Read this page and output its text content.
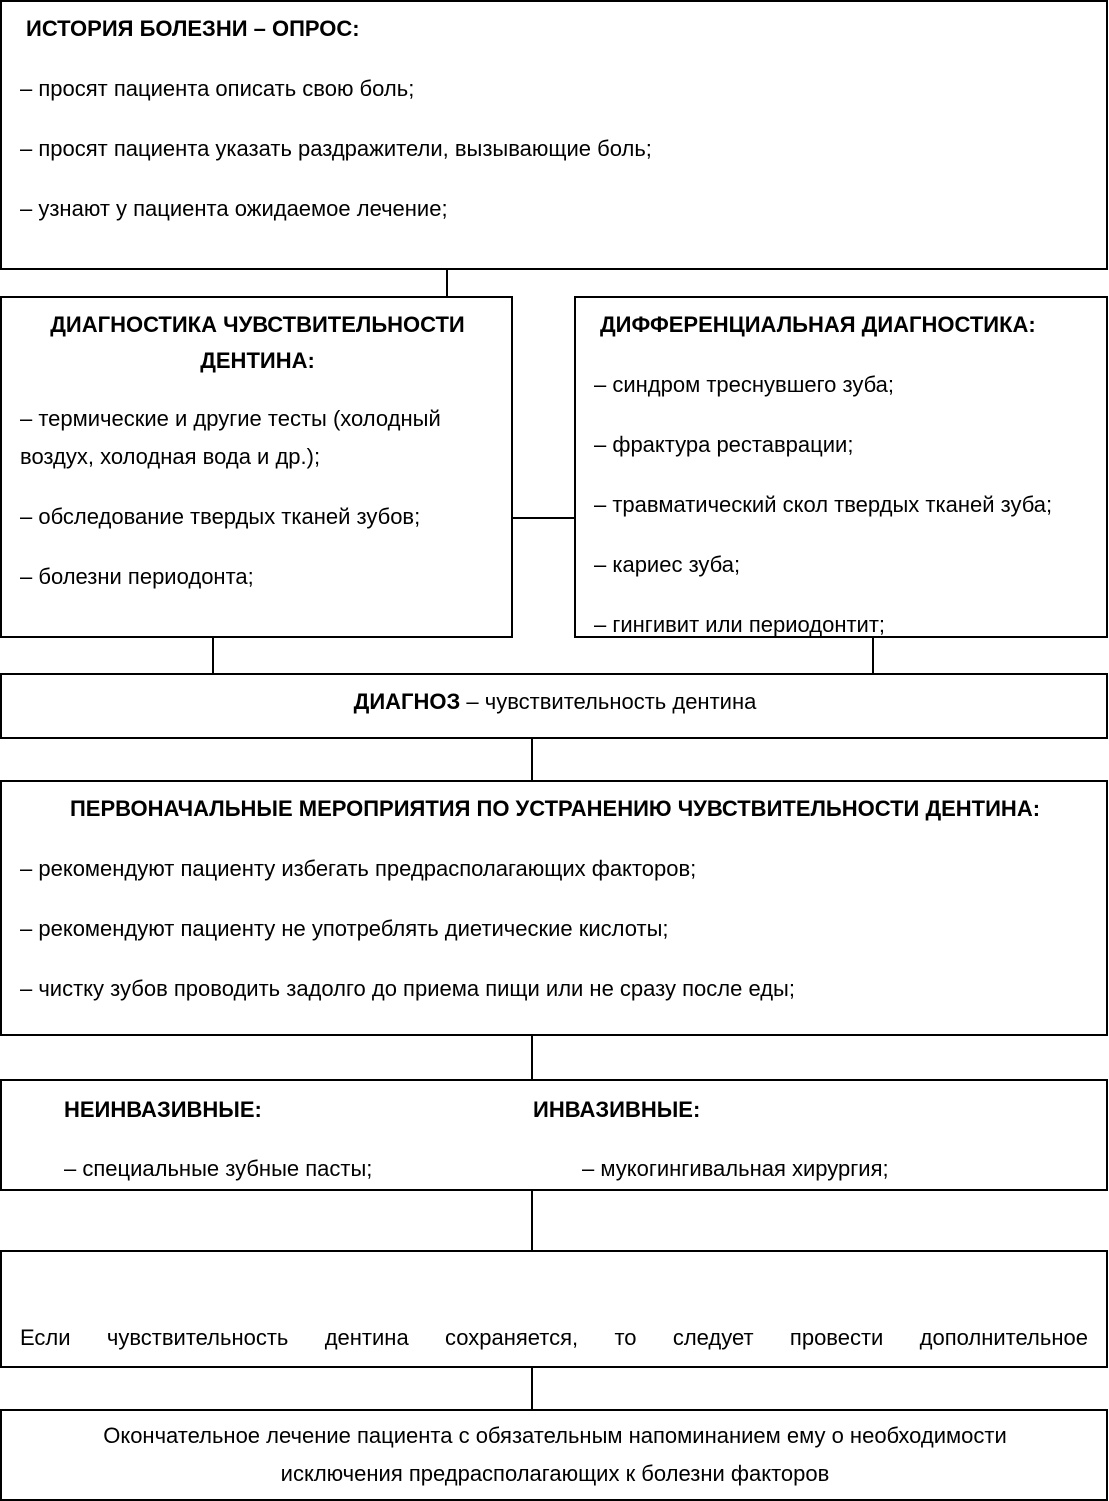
ИСТОРИЯ БОЛЕЗНИ – ОПРОС:
– просят пациента описать свою боль;
– просят пациента указать раздражители, вызывающие боль;
– узнают у пациента ожидаемое лечение;
ДИАГНОСТИКА ЧУВСТВИТЕЛЬНОСТИ
ДЕНТИНА:
– термические и другие тесты (холодный
воздух, холодная вода и др.);
– обследование твердых тканей зубов;
– болезни периодонта;
ДИФФЕРЕНЦИАЛЬНАЯ ДИАГНОСТИКА:
– синдром треснувшего зуба;
– фрактура реставрации;
– травматический скол твердых тканей зуба;
– кариес зуба;
– гингивит или периодонтит;
ДИАГНОЗ – чувствительность дентина
ПЕРВОНАЧАЛЬНЫЕ МЕРОПРИЯТИЯ ПО УСТРАНЕНИЮ ЧУВСТВИТЕЛЬНОСТИ ДЕНТИНА:
– рекомендуют пациенту избегать предрасполагающих факторов;
– рекомендуют пациенту не употреблять диетические кислоты;
– чистку зубов проводить задолго до приема пищи или не сразу после еды;
НЕИНВАЗИВНЫЕ:
– специальные зубные пасты;
ИНВАЗИВНЫЕ:
– мукогингивальная хирургия;
Если чувствительность дентина сохраняется, то следует провести дополнительное
Окончательное лечение пациента с обязательным напоминанием ему о необходимости
исключения предрасполагающих к болезни факторов
